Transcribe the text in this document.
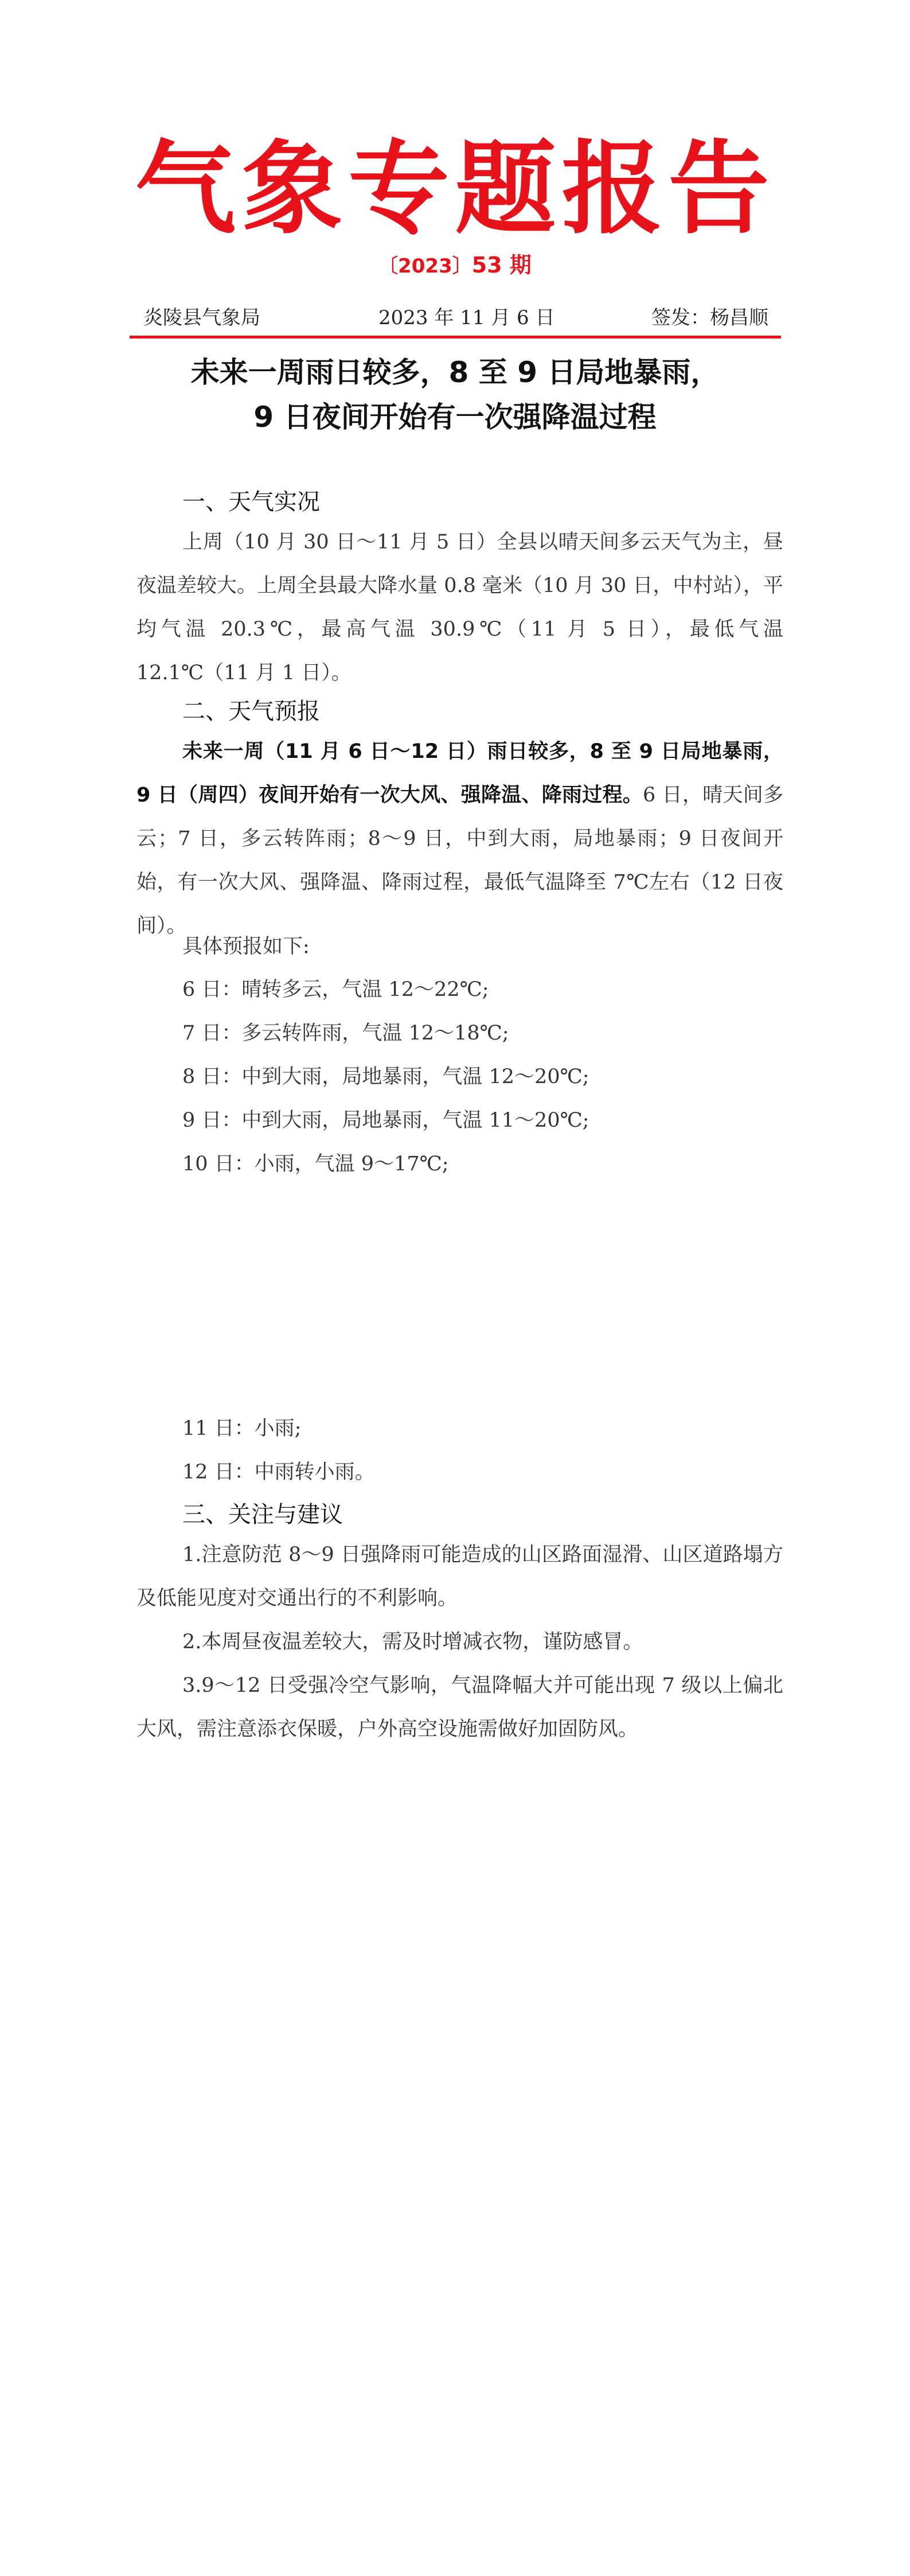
气象专题报告
〔2023〕53 期
炎陵县气象局	2023 年 11 月 6 日	签发：杨昌顺
未来一周雨日较多，8 至 9 日局地暴雨，
9 日夜间开始有一次强降温过程
一、天气实况
上周（10 月 30 日～11 月 5 日）全县以晴天间多云天气为主，昼夜温差较大。上周全县最大降水量 0.8 毫米（10 月 30 日，中村站），平均气温 20.3℃，最高气温 30.9℃（11 月 5 日），最低气温 12.1℃（11 月 1 日）。
二、天气预报
未来一周（11 月 6 日～12 日）雨日较多，8 至 9 日局地暴雨，9 日（周四）夜间开始有一次大风、强降温、降雨过程。6 日，晴天间多云；7 日，多云转阵雨；8～9 日，中到大雨，局地暴雨；9 日夜间开始，有一次大风、强降温、降雨过程，最低气温降至 7℃左右（12 日夜间）。
具体预报如下:
6 日：晴转多云，气温 12～22℃;
7 日：多云转阵雨，气温 12～18℃;
8 日：中到大雨，局地暴雨，气温 12～20℃;
9 日：中到大雨，局地暴雨，气温 11～20℃;
10 日：小雨，气温 9～17℃;
11 日：小雨;
12 日：中雨转小雨。
三、关注与建议
1.注意防范 8～9 日强降雨可能造成的山区路面湿滑、山区道路塌方及低能见度对交通出行的不利影响。
2.本周昼夜温差较大，需及时增减衣物，谨防感冒。
3.9～12 日受强冷空气影响，气温降幅大并可能出现 7 级以上偏北大风，需注意添衣保暖，户外高空设施需做好加固防风。
